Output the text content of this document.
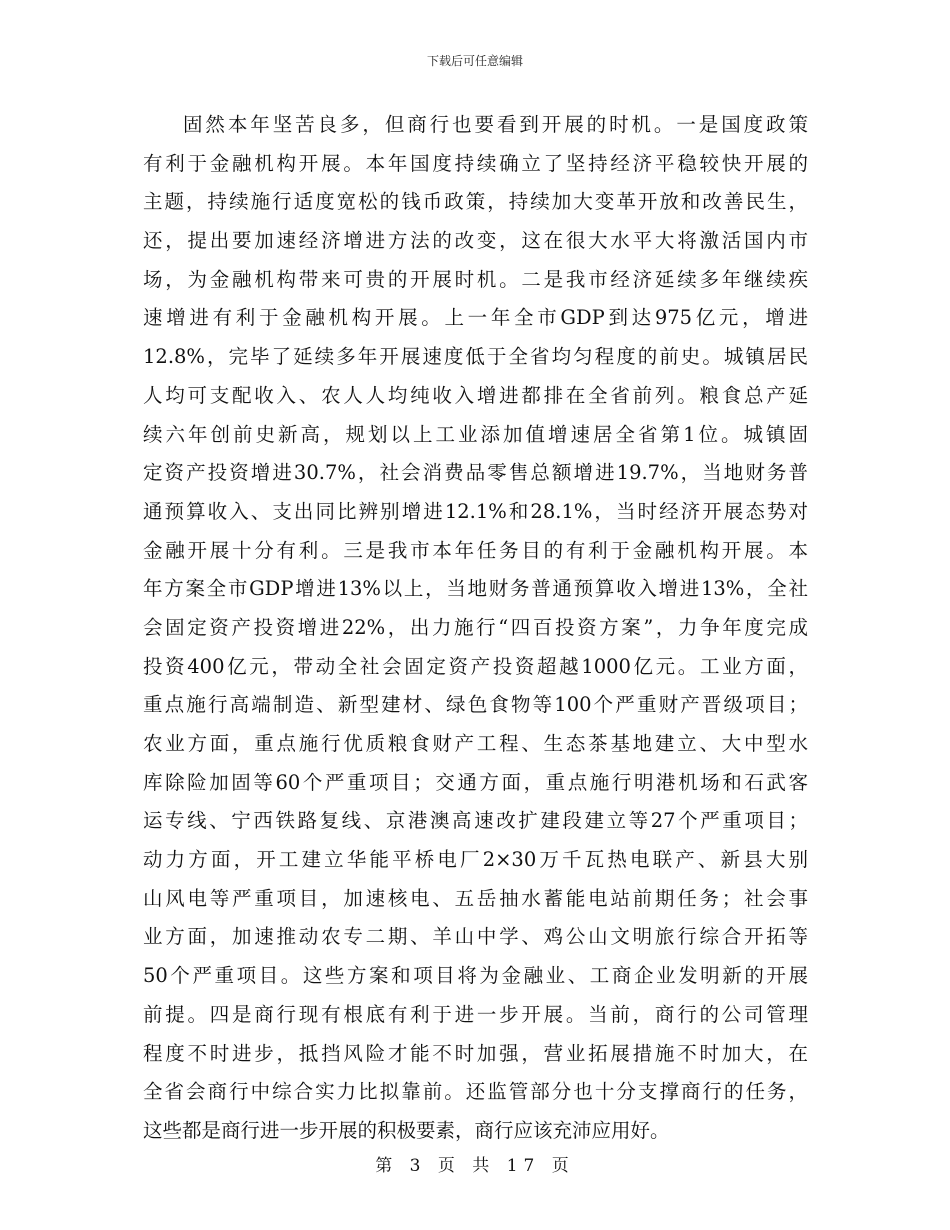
下载后可任意编辑
固然本年坚苦良多，但商行也要看到开展的时机。一是国度政策
有利于金融机构开展。本年国度持续确立了坚持经济平稳较快开展的
主题，持续施行适度宽松的钱币政策，持续加大变革开放和改善民生，
还，提出要加速经济增进方法的改变，这在很大水平大将激活国内市
场，为金融机构带来可贵的开展时机。二是我市经济延续多年继续疾
速增进有利于金融机构开展。上一年全市GDP到达975亿元，增进
12.8%，完毕了延续多年开展速度低于全省均匀程度的前史。城镇居民
人均可支配收入、农人人均纯收入增进都排在全省前列。粮食总产延
续六年创前史新高，规划以上工业添加值增速居全省第1位。城镇固
定资产投资增进30.7%，社会消费品零售总额增进19.7%，当地财务普
通预算收入、支出同比辨别增进12.1%和28.1%，当时经济开展态势对
金融开展十分有利。三是我市本年任务目的有利于金融机构开展。本
年方案全市GDP增进13%以上，当地财务普通预算收入增进13%，全社
会固定资产投资增进22%，出力施行“四百投资方案”，力争年度完成
投资400亿元，带动全社会固定资产投资超越1000亿元。工业方面，
重点施行高端制造、新型建材、绿色食物等100个严重财产晋级项目；
农业方面，重点施行优质粮食财产工程、生态茶基地建立、大中型水
库除险加固等60个严重项目；交通方面，重点施行明港机场和石武客
运专线、宁西铁路复线、京港澳高速改扩建段建立等27个严重项目；
动力方面，开工建立华能平桥电厂2×30万千瓦热电联产、新县大别
山风电等严重项目，加速核电、五岳抽水蓄能电站前期任务；社会事
业方面，加速推动农专二期、羊山中学、鸡公山文明旅行综合开拓等
50个严重项目。这些方案和项目将为金融业、工商企业发明新的开展
前提。四是商行现有根底有利于进一步开展。当前，商行的公司管理
程度不时进步，抵挡风险才能不时加强，营业拓展措施不时加大，在
全省会商行中综合实力比拟靠前。还监管部分也十分支撑商行的任务，
这些都是商行进一步开展的积极要素，商行应该充沛应用好。
第 3 页 共 17 页
